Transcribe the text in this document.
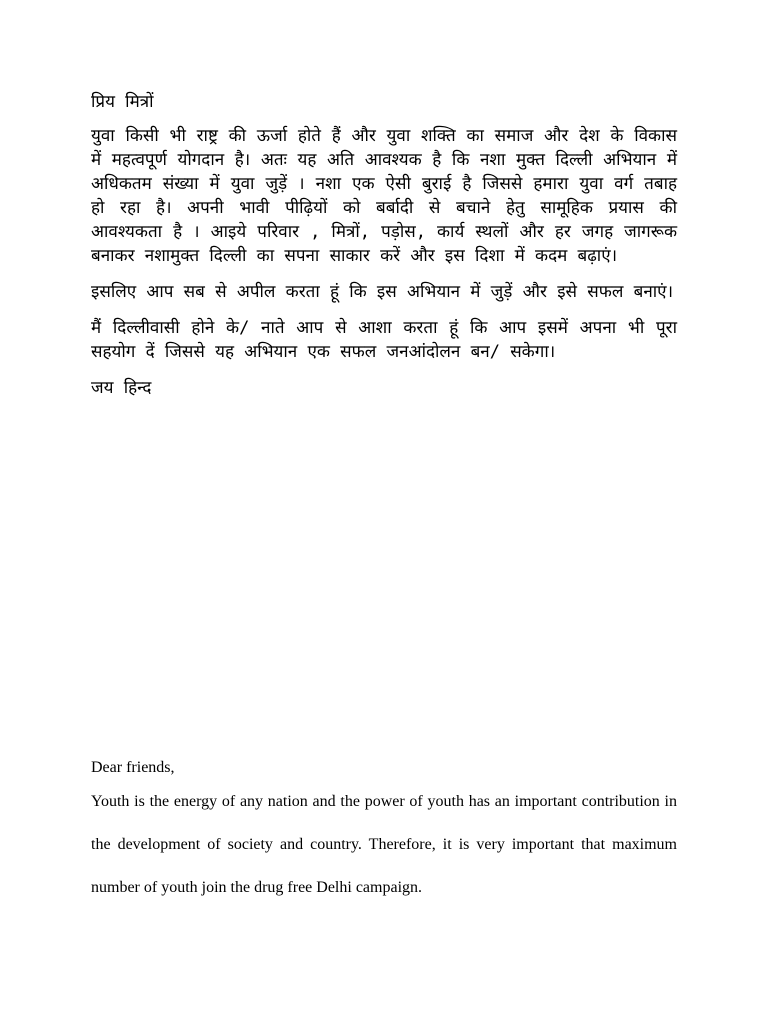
प्रिय मित्रों

युवा किसी भी राष्ट्र की ऊर्जा होते हैं और युवा शक्ति का समाज और देश के विकास में महत्वपूर्ण योगदान है। अतः यह अति आवश्यक है कि नशा मुक्त दिल्ली अभियान में अधिकतम संख्या में युवा जुड़ें । नशा एक ऐसी बुराई है जिससे हमारा युवा वर्ग तबाह हो रहा है। अपनी भावी पीढ़ियों को बर्बादी से बचाने हेतु सामूहिक प्रयास की आवश्यकता है । आइये परिवार , मित्रों, पड़ोस, कार्य स्थलों और हर जगह जागरूक बनाकर नशामुक्त दिल्ली का सपना साकार करें और इस दिशा में कदम बढ़ाएं।

इसलिए आप सब से अपील करता हूं कि इस अभियान में जुड़ें और इसे सफल बनाएं।

मैं दिल्लीवासी होने के/ नाते आप से आशा करता हूं कि आप इसमें अपना भी पूरा सहयोग दें जिससे यह अभियान एक सफल जनआंदोलन बन/ सकेगा।

जय हिन्द

Dear friends,

Youth is the energy of any nation and the power of youth has an important contribution in the development of society and country. Therefore, it is very important that maximum number of youth join the drug free Delhi campaign.
